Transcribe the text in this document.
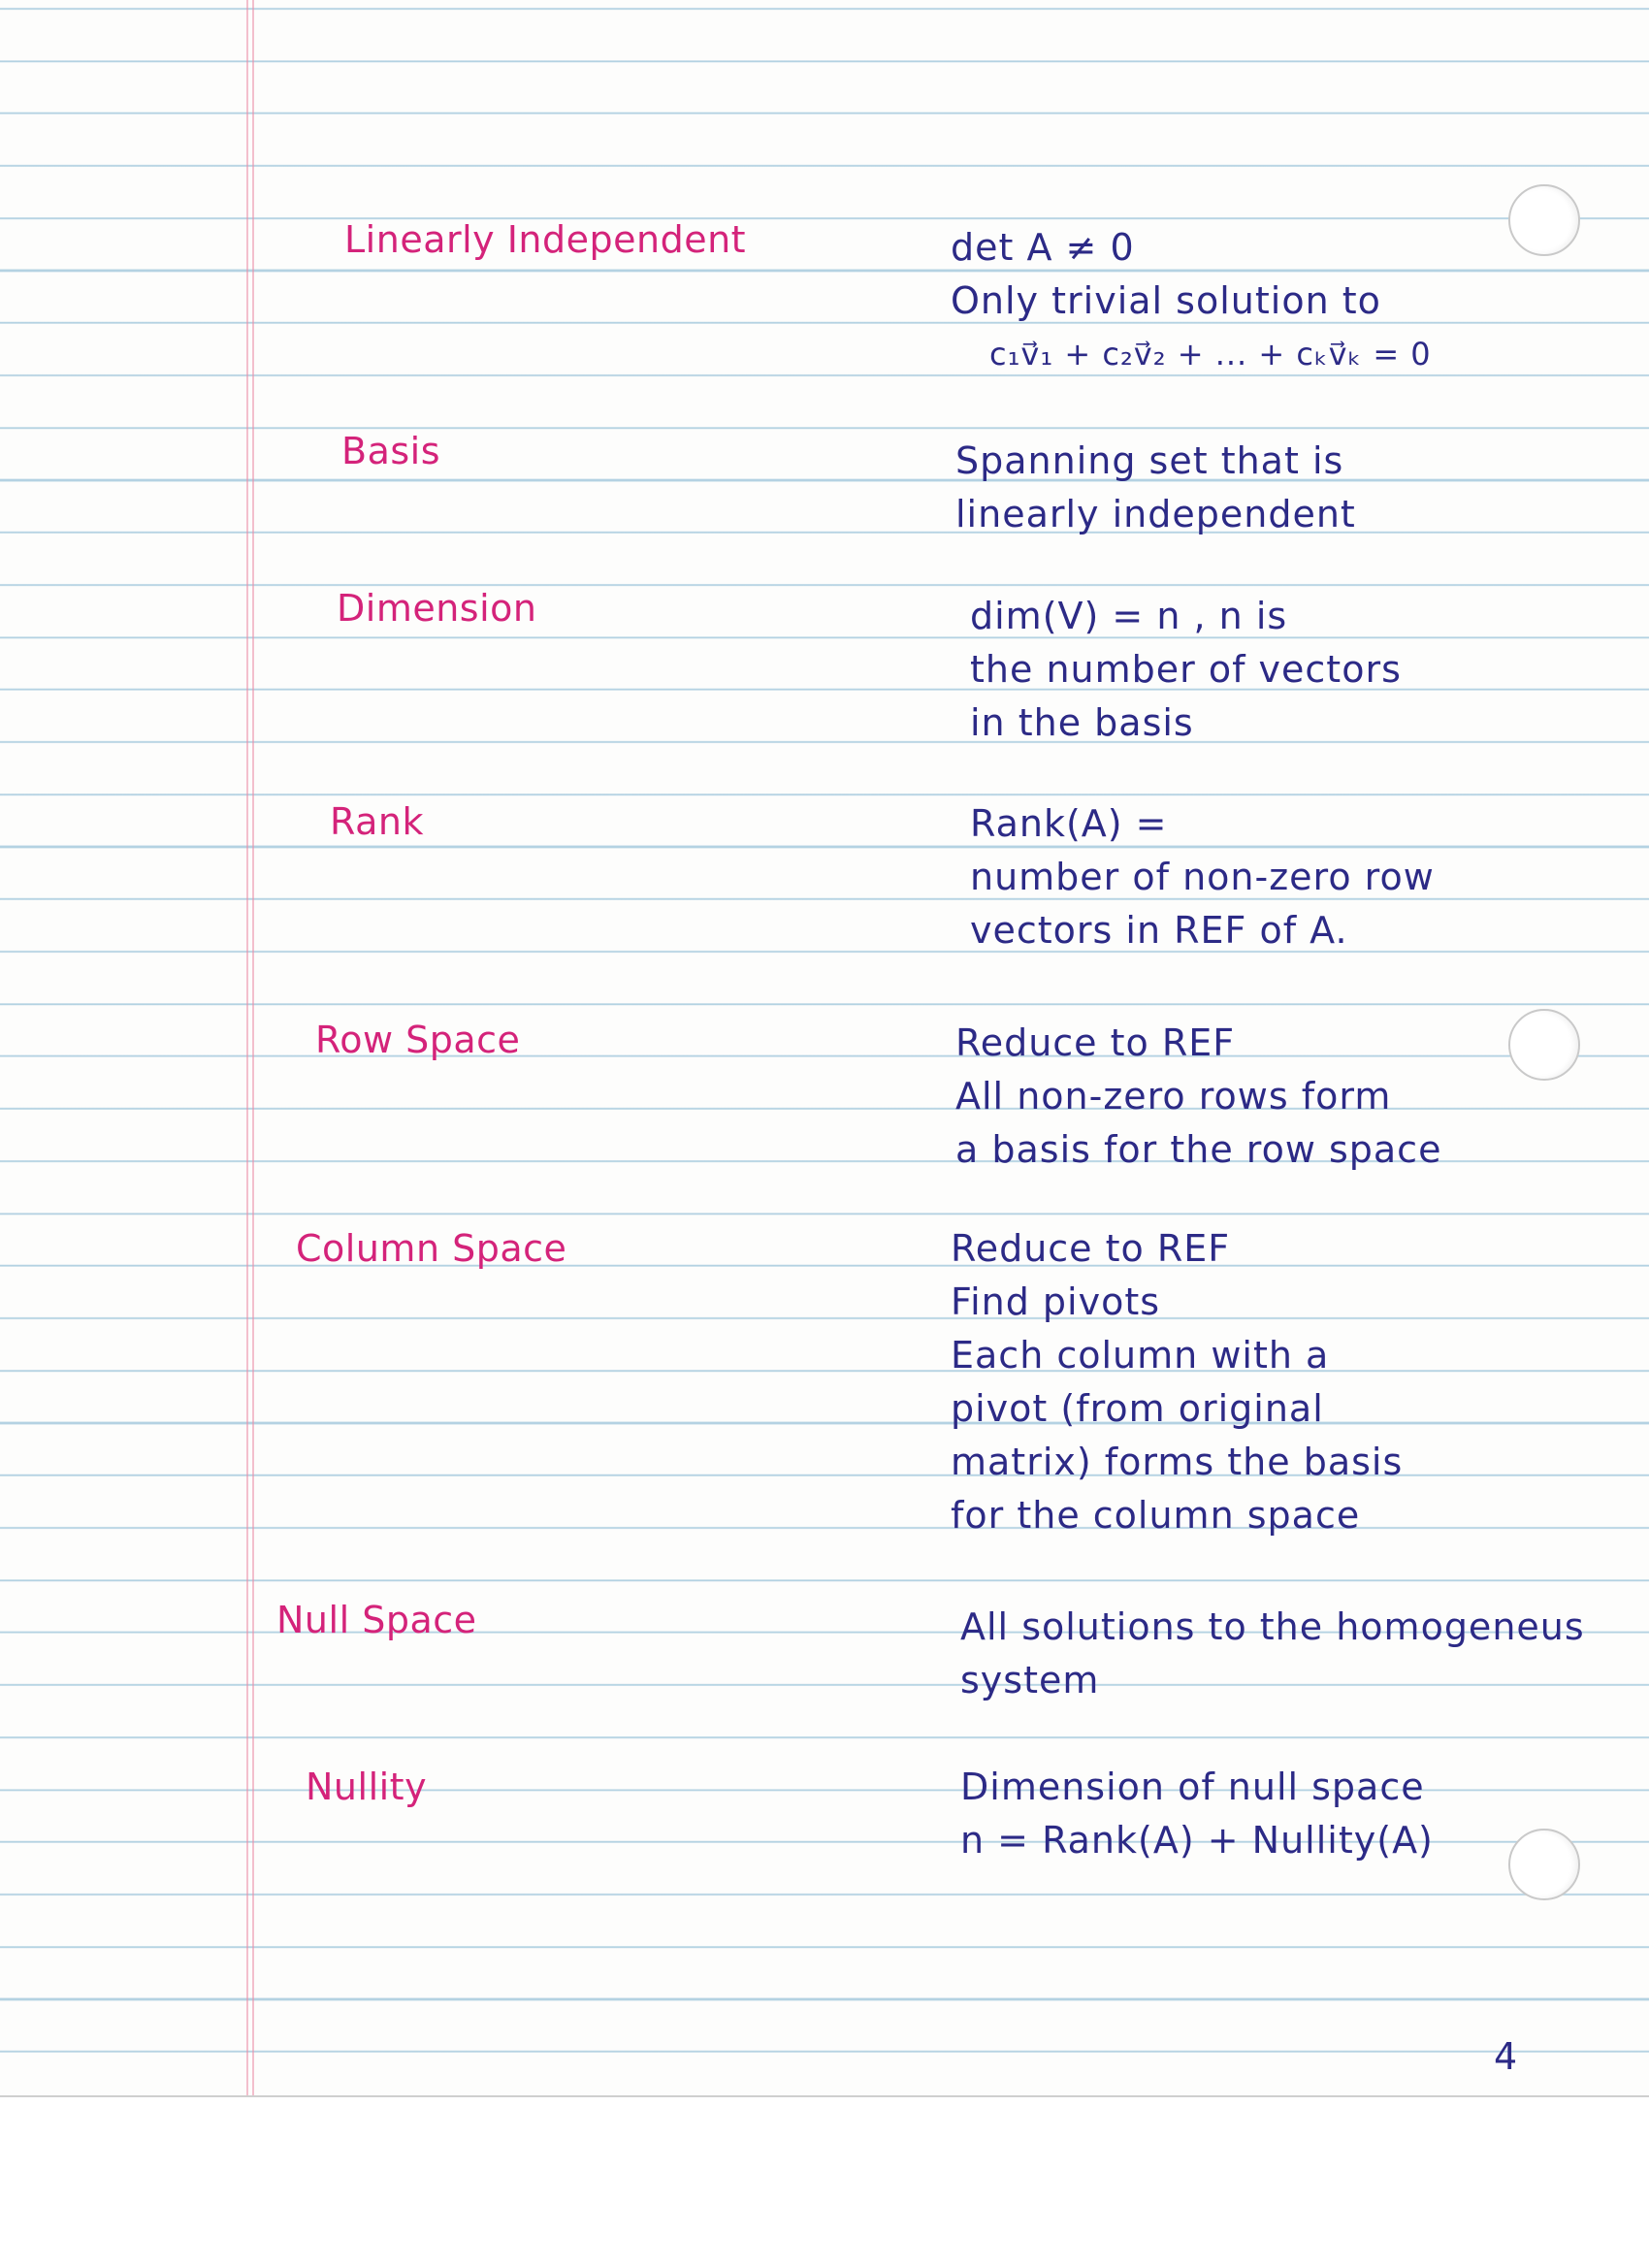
Linearly Independent	det A ≠ 0
Only trivial solution to
c₁v⃗₁ + c₂v⃗₂ + ... + cₖv⃗ₖ = 0
Basis	Spanning set that is
linearly independent
Dimension	dim(V) = n , n is
the number of vectors
in the basis
Rank	Rank(A) =
number of non-zero row
vectors in REF of A.
Row Space	Reduce to REF
All non-zero rows form
a basis for the row space
Column Space	Reduce to REF
Find pivots
Each column with a
pivot (from original
matrix) forms the basis
for the column space
Null Space	All solutions to the homogeneus
system
Nullity	Dimension of null space
n = Rank(A) + Nullity(A)
4
